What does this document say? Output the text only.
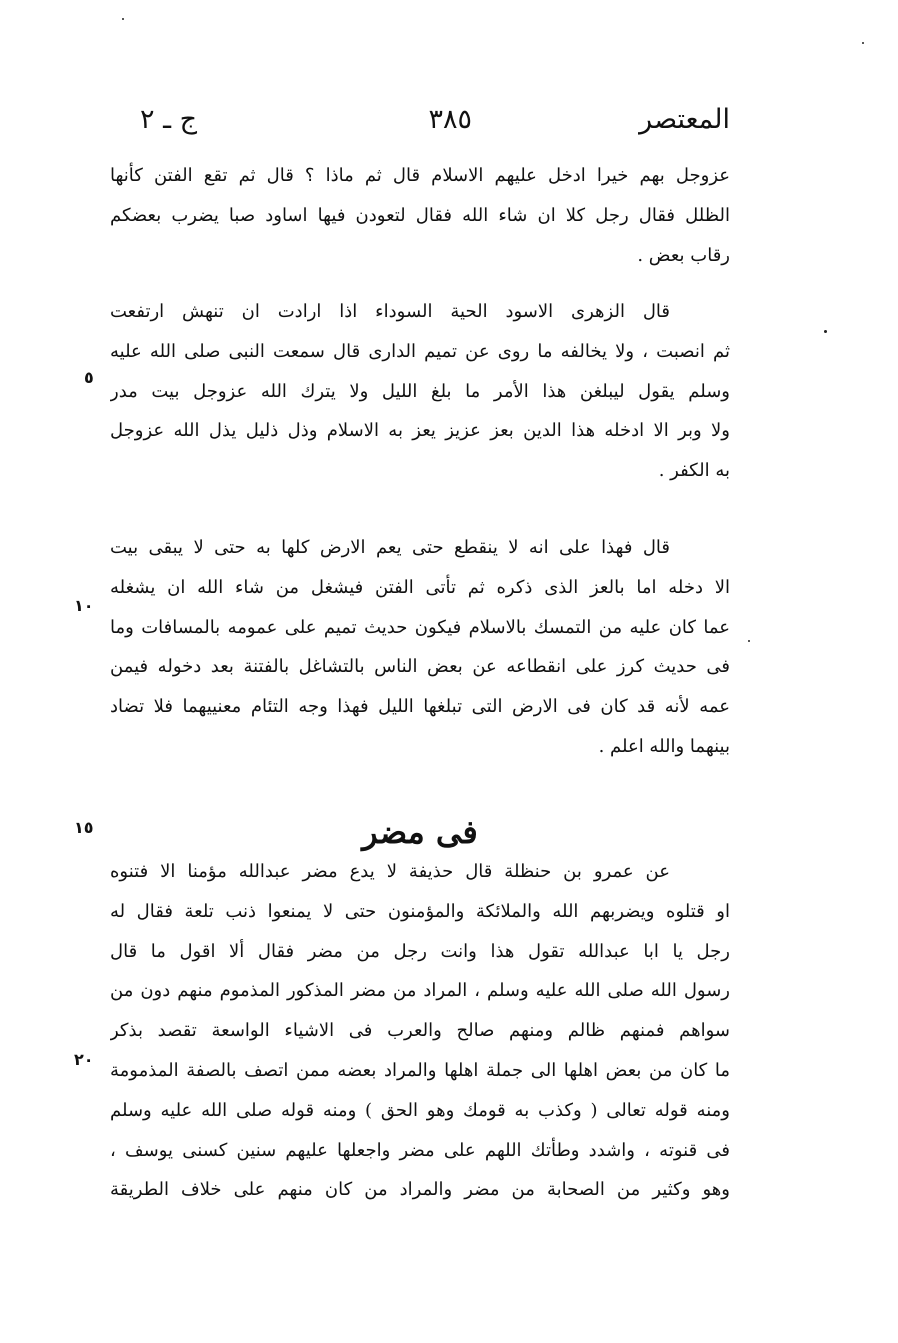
المعتصر
٣٨٥
ج ـ ٢
عزوجل بهم خيرا ادخل عليهم الاسلام قال ثم ماذا ؟ قال ثم تقع الفتن كأنها
الظلل فقال رجل كلا ان شاء الله فقال لتعودن فيها اساود صبا يضرب بعضكم
رقاب بعض .
قال الزهرى الاسود الحية السوداء اذا ارادت ان تنهش ارتفعت
ثم انصبت ، ولا يخالفه ما روى عن تميم الدارى قال سمعت النبى صلى الله عليه
وسلم يقول ليبلغن هذا الأمر ما بلغ الليل ولا يترك الله عزوجل بيت مدر
ولا وبر الا ادخله هذا الدين بعز عزيز يعز به الاسلام وذل ذليل يذل الله عزوجل
به الكفر .
قال فهذا على انه لا ينقطع حتى يعم الارض كلها به حتى لا يبقى بيت
الا دخله اما بالعز الذى ذكره ثم تأتى الفتن فيشغل من شاء الله ان يشغله
عما كان عليه من التمسك بالاسلام فيكون حديث تميم على عمومه بالمسافات وما
فى حديث كرز على انقطاعه عن بعض الناس بالتشاغل بالفتنة بعد دخوله فيمن
عمه لأنه قد كان فى الارض التى تبلغها الليل فهذا وجه التئام معنييهما فلا تضاد
بينهما والله اعلم .
فى مضر
عن عمرو بن حنظلة قال حذيفة لا يدع مضر عبدالله مؤمنا الا فتنوه
او قتلوه ويضربهم الله والملائكة والمؤمنون حتى لا يمنعوا ذنب تلعة فقال له
رجل يا ابا عبدالله تقول هذا وانت رجل من مضر فقال ألا اقول ما قال
رسول الله صلى الله عليه وسلم ، المراد من مضر المذكور المذموم منهم دون من
سواهم فمنهم ظالم ومنهم صالح والعرب فى الاشياء الواسعة تقصد بذكر
ما كان من بعض اهلها الى جملة اهلها والمراد بعضه ممن اتصف بالصفة المذمومة
ومنه قوله تعالى ( وكذب به قومك وهو الحق ) ومنه قوله صلى الله عليه وسلم
فى قنوته ، واشدد وطأتك اللهم على مضر واجعلها عليهم سنين كسنى يوسف ،
وهو وكثير من الصحابة من مضر والمراد من كان منهم على خلاف الطريقة
٥
١٠
١٥
٢٠
